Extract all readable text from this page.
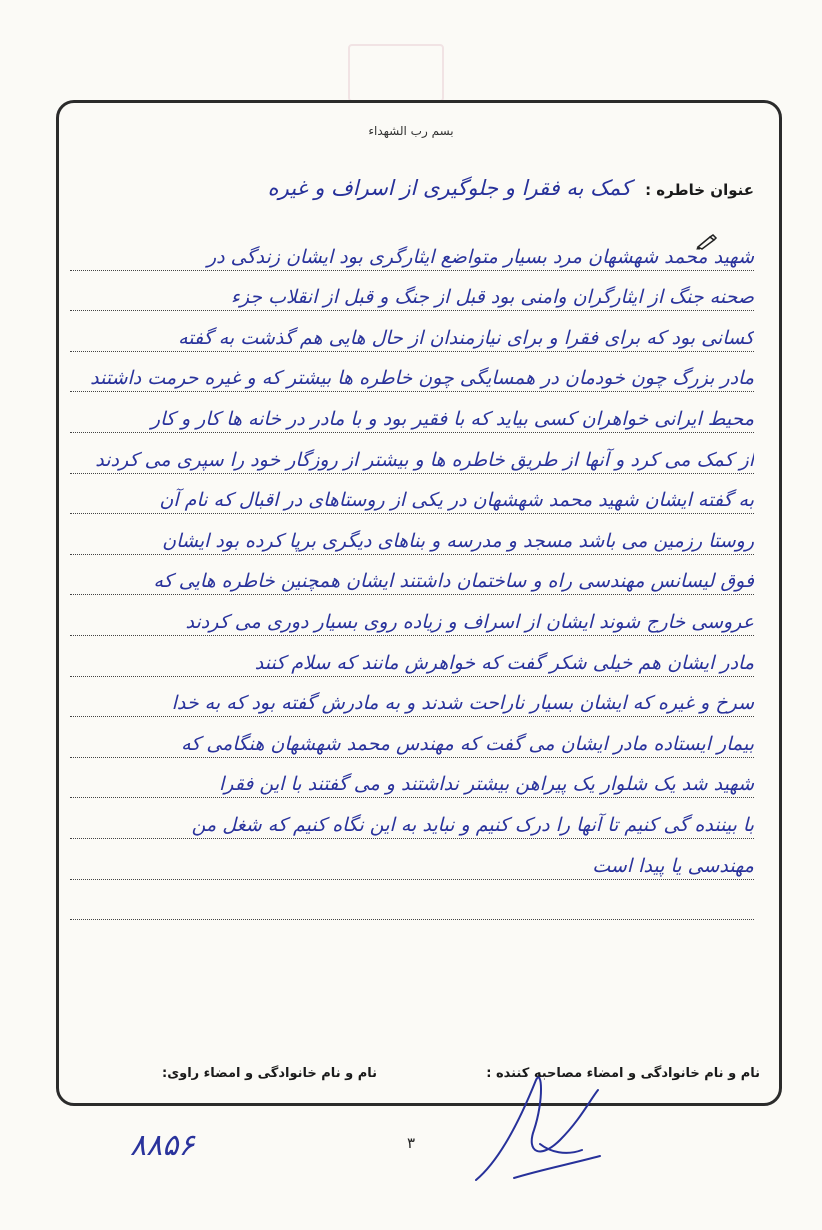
بسم رب الشهداء
عنوان خاطره :
کمک به فقرا و جلوگیری از اسراف و غیره
شهید محمد شهشهان مرد بسیار متواضع ایثارگری بود ایشان زندگی در
صحنه جنگ از ایثارگران وامنی بود قبل از جنگ و قبل از انقلاب جزء
کسانی بود که برای فقرا و برای نیازمندان از حال هایی هم گذشت به گفته
مادر بزرگ چون خودمان در همسایگی چون خاطره ها بیشتر که و غیره حرمت داشتند
محیط ایرانی خواهران کسی بیاید که با فقیر بود و با مادر در خانه ها کار و کار
از کمک می کرد و آنها از طریق خاطره ها و بیشتر از روزگار خود را سپری می کردند
به گفته ایشان شهید محمد شهشهان در یکی از روستاهای در اقبال که نام آن
روستا رزمین می باشد مسجد و مدرسه و بناهای دیگری برپا کرده بود ایشان
فوق لیسانس مهندسی راه و ساختمان داشتند ایشان همچنین خاطره هایی که
عروسی خارج شوند ایشان از اسراف و زیاده روی بسیار دوری می کردند
مادر ایشان هم خیلی شکر گفت که خواهرش مانند که سلام کنند
سرخ و غیره که ایشان بسیار ناراحت شدند و به مادرش گفته بود که به خدا
بیمار ایستاده مادر ایشان می گفت که مهندس محمد شهشهان هنگامی که
شهید شد یک شلوار یک پیراهن بیشتر نداشتند و می گفتند با این فقرا
با بیننده گی کنیم تا آنها را درک کنیم و نباید به این نگاه کنیم که شغل من
مهندسی یا پیدا است
نام و نام خانوادگی و امضاء مصاحبه کننده :
نام و نام خانوادگی و امضاء راوی:
۳
۸۸۵۶
